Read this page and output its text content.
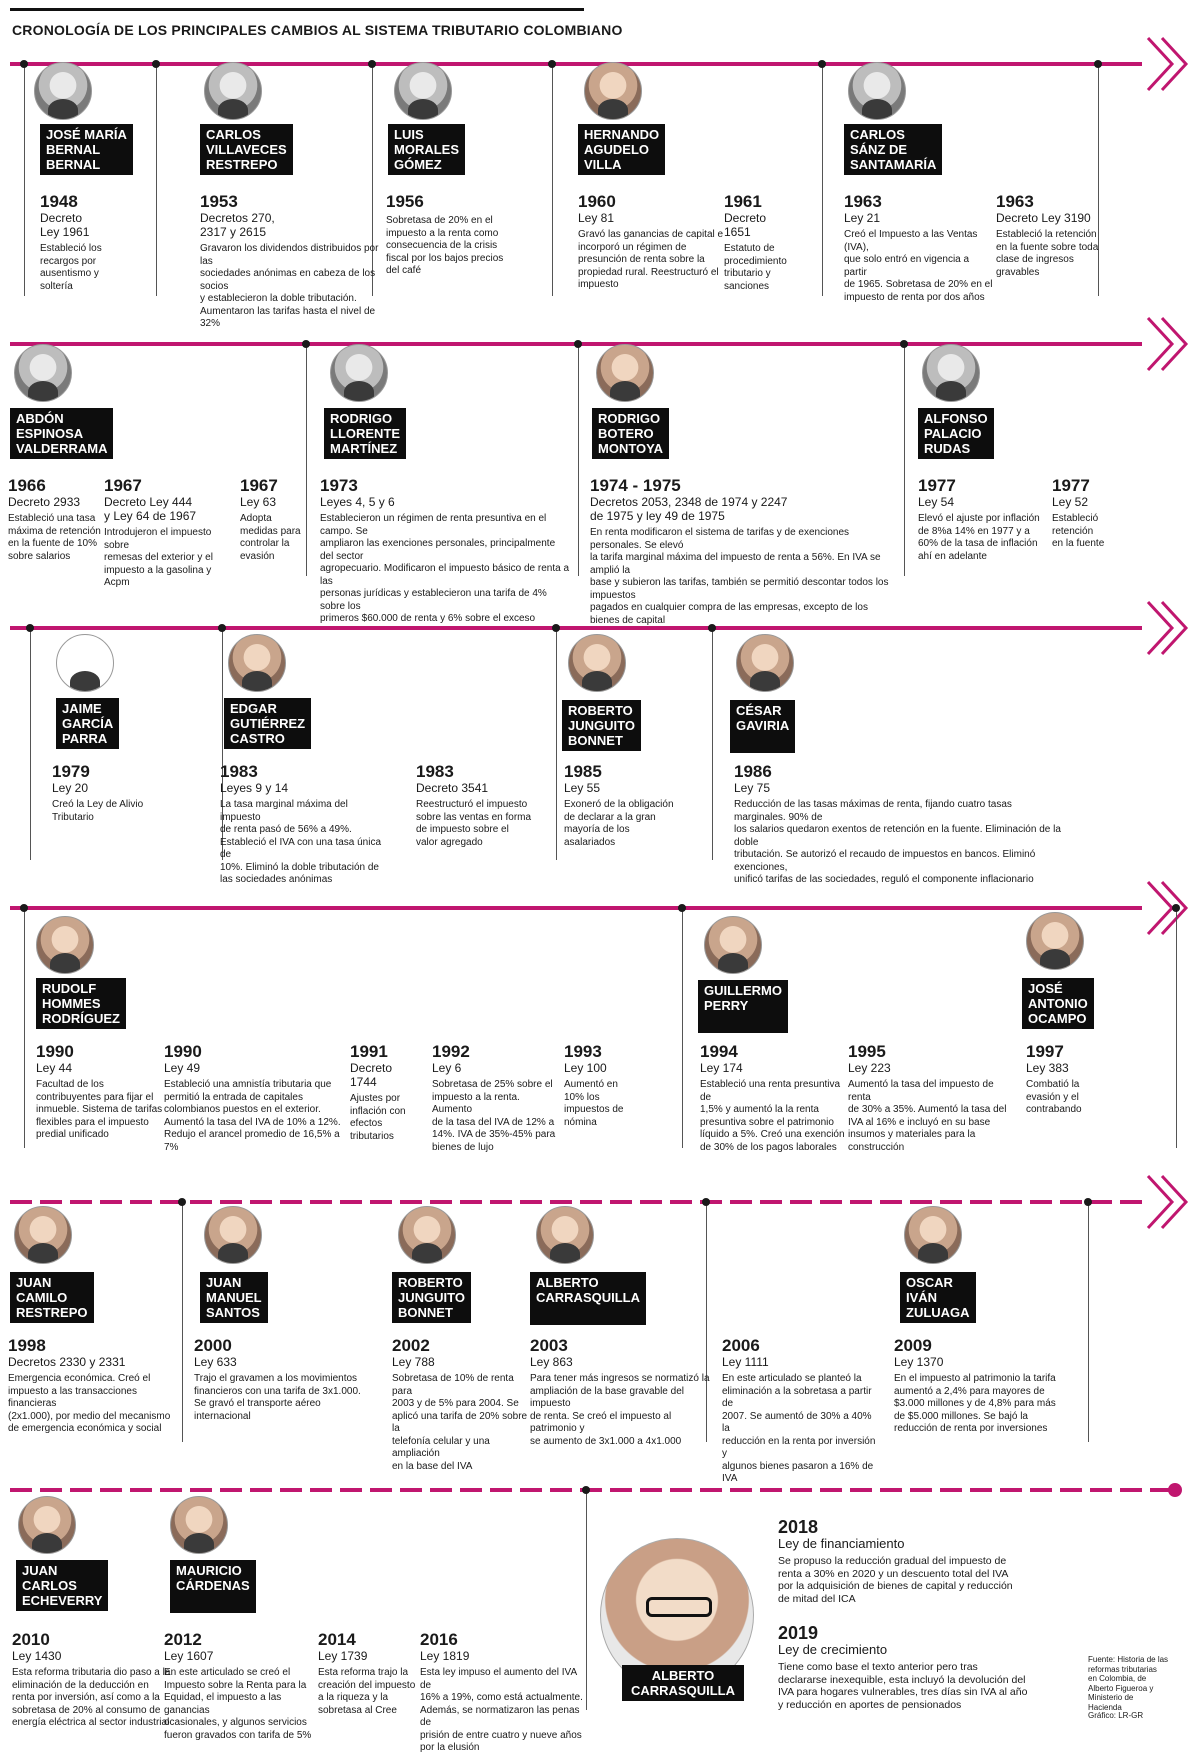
CRONOLOGÍA DE LOS PRINCIPALES CAMBIOS AL SISTEMA TRIBUTARIO COLOMBIANO
JOSÉ MARÍA
BERNAL
BERNAL
CARLOS
VILLAVECES
RESTREPO
LUIS
MORALES
GÓMEZ
HERNANDO
AGUDELO
VILLA
CARLOS
SÁNZ DE
SANTAMARÍA
ABDÓN
ESPINOSA
VALDERRAMA
RODRIGO
LLORENTE
MARTÍNEZ
RODRIGO
BOTERO
MONTOYA
ALFONSO
PALACIO
RUDAS
JAIME
GARCÍA
PARRA
EDGAR
GUTIÉRREZ
CASTRO
ROBERTO
JUNGUITO
BONNET
CÉSAR
GAVIRIA
RUDOLF
HOMMES
RODRÍGUEZ
GUILLERMO
PERRY
JOSÉ
ANTONIO
OCAMPO
JUAN
CAMILO
RESTREPO
JUAN
MANUEL
SANTOS
ROBERTO
JUNGUITO
BONNET
ALBERTO
CARRASQUILLA
OSCAR
IVÁN
ZULUAGA
JUAN
CARLOS
ECHEVERRY
MAURICIO
CÁRDENAS
ALBERTO
CARRASQUILLA
1948
Decreto
Ley 1961
Estableció los
recargos por
ausentismo y
soltería
1953
Decretos 270,
2317 y 2615
Gravaron los dividendos distribuidos por las
sociedades anónimas en cabeza de los socios
y establecieron la doble tributación.
Aumentaron las tarifas hasta el nivel de 32%
1956
Sobretasa de 20% en el
impuesto a la renta como
consecuencia de la crisis
fiscal por los bajos precios
del café
1960
Ley 81
Gravó las ganancias de capital e
incorporó un régimen de
presunción de renta sobre la
propiedad rural. Reestructuró el
impuesto
1961
Decreto
1651
Estatuto de
procedimiento
tributario y
sanciones
1963
Ley 21
Creó el Impuesto a las Ventas (IVA),
que solo entró en vigencia a partir
de 1965. Sobretasa de 20% en el
impuesto de renta por dos años
1963
Decreto Ley 3190
Estableció la retención
en la fuente sobre toda
clase de ingresos
gravables
1966
Decreto 2933
Estableció una tasa
máxima de retención
en la fuente de 10%
sobre salarios
1967
Decreto Ley 444
y Ley 64 de 1967
Introdujeron el impuesto sobre
remesas del exterior y el
impuesto a la gasolina y Acpm
1967
Ley 63
Adopta
medidas para
controlar la
evasión
1973
Leyes 4, 5 y 6
Establecieron un régimen de renta presuntiva en el campo. Se
ampliaron las exenciones personales, principalmente del sector
agropecuario. Modificaron el impuesto básico de renta a las
personas jurídicas y establecieron una tarifa de 4% sobre los
primeros $60.000 de renta y 6% sobre el exceso
1974 - 1975
Decretos 2053, 2348 de 1974 y 2247
de 1975 y ley 49 de 1975
En renta modificaron el sistema de tarifas y de exenciones personales. Se elevó
la tarifa marginal máxima del impuesto de renta a 56%. En IVA se amplió la
base y subieron las tarifas, también se permitió descontar todos los impuestos
pagados en cualquier compra de las empresas, excepto de los bienes de capital
1977
Ley 54
Elevó el ajuste por inflación
de 8%a 14% en 1977 y a
60% de la tasa de inflación
ahí en adelante
1977
Ley 52
Estableció
retención
en la fuente
1979
Ley 20
Creó la Ley de Alivio
Tributario
1983
Leyes 9 y 14
La tasa marginal máxima del impuesto
de renta pasó de 56% a 49%.
Estableció el IVA con una tasa única de
10%. Eliminó la doble tributación de
las sociedades anónimas
1983
Decreto 3541
Reestructuró el impuesto
sobre las ventas en forma
de impuesto sobre el
valor agregado
1985
Ley 55
Exoneró de la obligación
de declarar a la gran
mayoría de los
asalariados
1986
Ley 75
Reducción de las tasas máximas de renta, fijando cuatro tasas marginales. 90% de
los salarios quedaron exentos de retención en la fuente. Eliminación de la doble
tributación. Se autorizó el recaudo de impuestos en bancos. Eliminó exenciones,
unificó tarifas de las sociedades, reguló el componente inflacionario
1990
Ley 44
Facultad de los
contribuyentes para fijar el
inmueble. Sistema de tarifas
flexibles para el impuesto
predial unificado
1990
Ley 49
Estableció una amnistía tributaria que
permitió la entrada de capitales
colombianos puestos en el exterior.
Aumentó la tasa del IVA de 10% a 12%.
Redujo el arancel promedio de 16,5% a 7%
1991
Decreto
1744
Ajustes por
inflación con
efectos
tributarios
1992
Ley 6
Sobretasa de 25% sobre el
impuesto a la renta. Aumento
de la tasa del IVA de 12% a
14%. IVA de 35%-45% para
bienes de lujo
1993
Ley 100
Aumentó en
10% los
impuestos de
nómina
1994
Ley 174
Estableció una renta presuntiva de
1,5% y aumentó la la renta
presuntiva sobre el patrimonio
líquido a 5%. Creó una exención
de 30% de los pagos laborales
1995
Ley 223
Aumentó la tasa del impuesto de renta
de 30% a 35%. Aumentó la tasa del
IVA al 16% e incluyó en su base
insumos y materiales para la
construcción
1997
Ley 383
Combatió la
evasión y el
contrabando
1998
Decretos 2330 y 2331
Emergencia económica. Creó el
impuesto a las transacciones financieras
(2x1.000), por medio del mecanismo
de emergencia económica y social
2000
Ley 633
Trajo el gravamen a los movimientos
financieros con una tarifa de 3x1.000.
Se gravó el transporte aéreo
internacional
2002
Ley 788
Sobretasa de 10% de renta para
2003 y de 5% para 2004. Se
aplicó una tarifa de 20% sobre la
telefonía celular y una ampliación
en la base del IVA
2003
Ley 863
Para tener más ingresos se normatizó la
ampliación de la base gravable del impuesto
de renta. Se creó el impuesto al patrimonio y
se aumento de 3x1.000 a 4x1.000
2006
Ley 1111
En este articulado se planteó la
eliminación a la sobretasa a partir de
2007. Se aumentó de 30% a 40% la
reducción en la renta por inversión y
algunos bienes pasaron a 16% de IVA
2009
Ley 1370
En el impuesto al patrimonio la tarifa
aumentó a 2,4% para mayores de
$3.000 millones y de 4,8% para más
de $5.000 millones. Se bajó la
reducción de renta por inversiones
2010
Ley 1430
Esta reforma tributaria dio paso a la
eliminación de la deducción en
renta por inversión, así como a la
sobretasa de 20% al consumo de
energía eléctrica al sector industrial
2012
Ley 1607
En este articulado se creó el
Impuesto sobre la Renta para la
Equidad, el impuesto a las ganancias
ocasionales, y algunos servicios
fueron gravados con tarifa de 5%
2014
Ley 1739
Esta reforma trajo la
creación del impuesto
a la riqueza y la
sobretasa al Cree
2016
Ley 1819
Esta ley impuso el aumento del IVA de
16% a 19%, como está actualmente.
Además, se normatizaron las penas de
prisión de entre cuatro y nueve años
por la elusión
2018
Ley de financiamiento
Se propuso la reducción gradual del impuesto de
renta a 30% en 2020 y un descuento total del IVA
por la adquisición de bienes de capital y reducción
de mitad del ICA
2019
Ley de crecimiento
Tiene como base el texto anterior pero tras
declararse inexequible, esta incluyó la devolución del
IVA para hogares vulnerables, tres días sin IVA al año
y reducción en aportes de pensionados
Fuente: Historia de las
reformas tributarias
en Colombia, de
Alberto Figueroa y
Ministerio de
Hacienda
Gráfico: LR-GR
